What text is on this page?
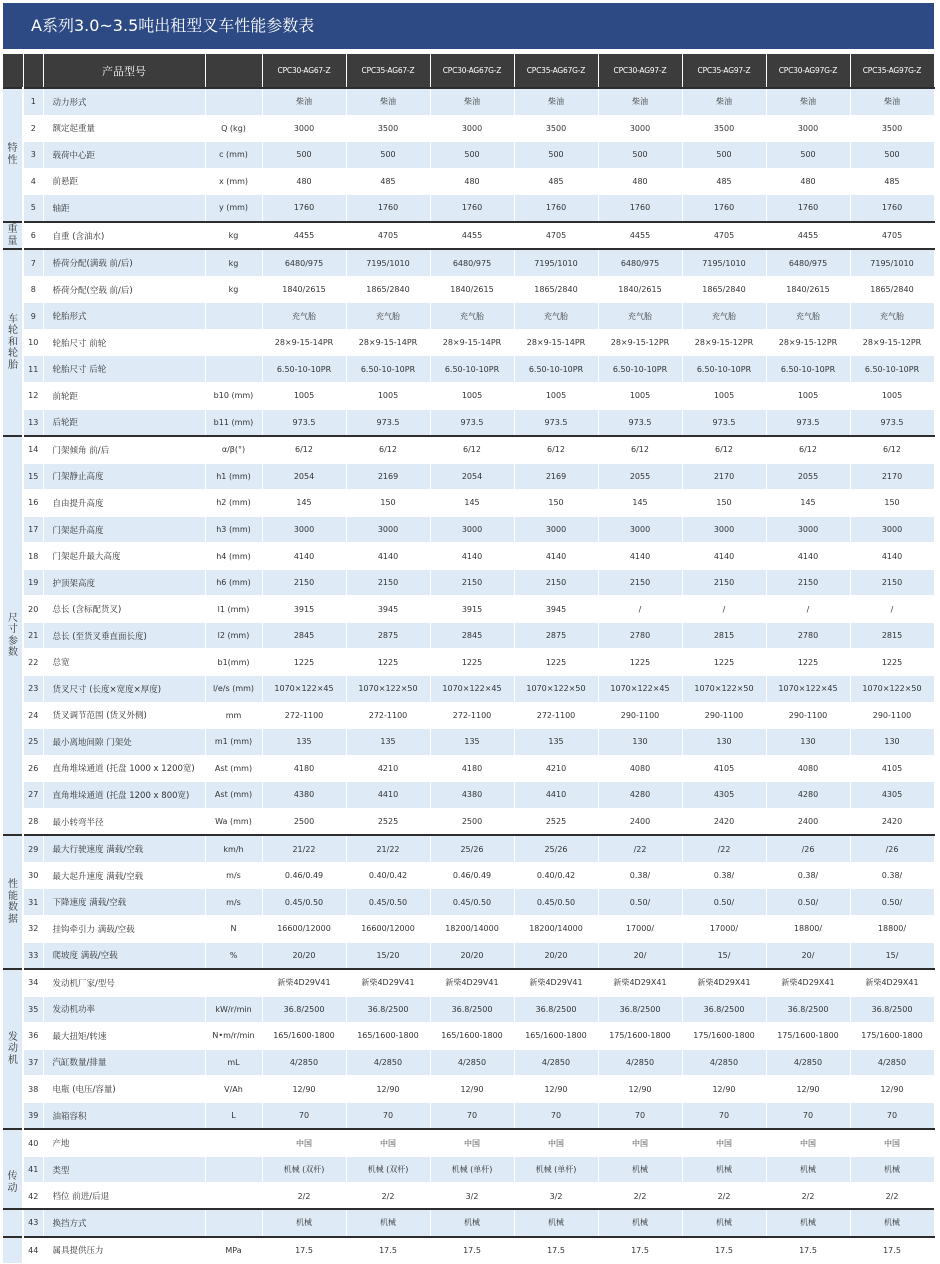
A系列3.0~3.5吨出租型叉车性能参数表
		产品型号		CPC30-AG67-Z	CPC35-AG67-Z	CPC30-AG67G-Z	CPC35-AG67G-Z	CPC30-AG97-Z	CPC35-AG97-Z	CPC30-AG97G-Z	CPC35-AG97G-Z
特性	1	动力形式		柴油	柴油	柴油	柴油	柴油	柴油	柴油	柴油
	2	额定起重量	Q (kg)	3000	3500	3000	3500	3000	3500	3000	3500
	3	载荷中心距	c (mm)	500	500	500	500	500	500	500	500
	4	前悬距	x (mm)	480	485	480	485	480	485	480	485
	5	轴距	y (mm)	1760	1760	1760	1760	1760	1760	1760	1760
重量	6	自重 (含油水)	kg	4455	4705	4455	4705	4455	4705	4455	4705
车轮和轮胎	7	桥荷分配(满载 前/后)	kg	6480/975	7195/1010	6480/975	7195/1010	6480/975	7195/1010	6480/975	7195/1010
	8	桥荷分配(空载 前/后)	kg	1840/2615	1865/2840	1840/2615	1865/2840	1840/2615	1865/2840	1840/2615	1865/2840
	9	轮胎形式		充气胎	充气胎	充气胎	充气胎	充气胎	充气胎	充气胎	充气胎
	10	轮胎尺寸 前轮		28×9-15-14PR	28×9-15-14PR	28×9-15-14PR	28×9-15-14PR	28×9-15-12PR	28×9-15-12PR	28×9-15-12PR	28×9-15-12PR
	11	轮胎尺寸 后轮		6.50-10-10PR	6.50-10-10PR	6.50-10-10PR	6.50-10-10PR	6.50-10-10PR	6.50-10-10PR	6.50-10-10PR	6.50-10-10PR
	12	前轮距	b10 (mm)	1005	1005	1005	1005	1005	1005	1005	1005
	13	后轮距	b11 (mm)	973.5	973.5	973.5	973.5	973.5	973.5	973.5	973.5
尺寸参数	14	门架倾角 前/后	α/β(°)	6/12	6/12	6/12	6/12	6/12	6/12	6/12	6/12
	15	门架静止高度	h1 (mm)	2054	2169	2054	2169	2055	2170	2055	2170
	16	自由提升高度	h2 (mm)	145	150	145	150	145	150	145	150
	17	门架起升高度	h3 (mm)	3000	3000	3000	3000	3000	3000	3000	3000
	18	门架起升最大高度	h4 (mm)	4140	4140	4140	4140	4140	4140	4140	4140
	19	护顶架高度	h6 (mm)	2150	2150	2150	2150	2150	2150	2150	2150
	20	总长 (含标配货叉)	l1 (mm)	3915	3945	3915	3945	/	/	/	/
	21	总长 (至货叉垂直面长度)	l2 (mm)	2845	2875	2845	2875	2780	2815	2780	2815
	22	总宽	b1(mm)	1225	1225	1225	1225	1225	1225	1225	1225
	23	货叉尺寸 (长度×宽度×厚度)	l/e/s (mm)	1070×122×45	1070×122×50	1070×122×45	1070×122×50	1070×122×45	1070×122×50	1070×122×45	1070×122×50
	24	货叉调节范围 (货叉外侧)	mm	272-1100	272-1100	272-1100	272-1100	290-1100	290-1100	290-1100	290-1100
	25	最小离地间隙 门架处	m1 (mm)	135	135	135	135	130	130	130	130
	26	直角堆垛通道 (托盘 1000 x 1200宽)	Ast (mm)	4180	4210	4180	4210	4080	4105	4080	4105
	27	直角堆垛通道 (托盘 1200 x 800宽)	Ast (mm)	4380	4410	4380	4410	4280	4305	4280	4305
	28	最小转弯半径	Wa (mm)	2500	2525	2500	2525	2400	2420	2400	2420
性能数据	29	最大行驶速度 满载/空载	km/h	21/22	21/22	25/26	25/26	/22	/22	/26	/26
	30	最大起升速度 满载/空载	m/s	0.46/0.49	0.40/0.42	0.46/0.49	0.40/0.42	0.38/	0.38/	0.38/	0.38/
	31	下降速度 满载/空载	m/s	0.45/0.50	0.45/0.50	0.45/0.50	0.45/0.50	0.50/	0.50/	0.50/	0.50/
	32	挂钩牵引力 满载/空载	N	16600/12000	16600/12000	18200/14000	18200/14000	17000/	17000/	18800/	18800/
	33	爬坡度 满载/空载	%	20/20	15/20	20/20	20/20	20/	15/	20/	15/
发动机	34	发动机厂家/型号		新柴4D29V41	新柴4D29V41	新柴4D29V41	新柴4D29V41	新柴4D29X41	新柴4D29X41	新柴4D29X41	新柴4D29X41
	35	发动机功率	kW/r/min	36.8/2500	36.8/2500	36.8/2500	36.8/2500	36.8/2500	36.8/2500	36.8/2500	36.8/2500
	36	最大扭矩/转速	N•m/r/min	165/1600-1800	165/1600-1800	165/1600-1800	165/1600-1800	175/1600-1800	175/1600-1800	175/1600-1800	175/1600-1800
	37	汽缸数量/排量	mL	4/2850	4/2850	4/2850	4/2850	4/2850	4/2850	4/2850	4/2850
	38	电瓶 (电压/容量)	V/Ah	12/90	12/90	12/90	12/90	12/90	12/90	12/90	12/90
	39	油箱容积	L	70	70	70	70	70	70	70	70
传动	40	产地		中国	中国	中国	中国	中国	中国	中国	中国
	41	类型		机械 (双杆)	机械 (双杆)	机械 (单杆)	机械 (单杆)	机械	机械	机械	机械
	42	档位 前进/后退		2/2	2/2	3/2	3/2	2/2	2/2	2/2	2/2
	43	换挡方式		机械	机械	机械	机械	机械	机械	机械	机械
	44	属具提供压力	MPa	17.5	17.5	17.5	17.5	17.5	17.5	17.5	17.5
